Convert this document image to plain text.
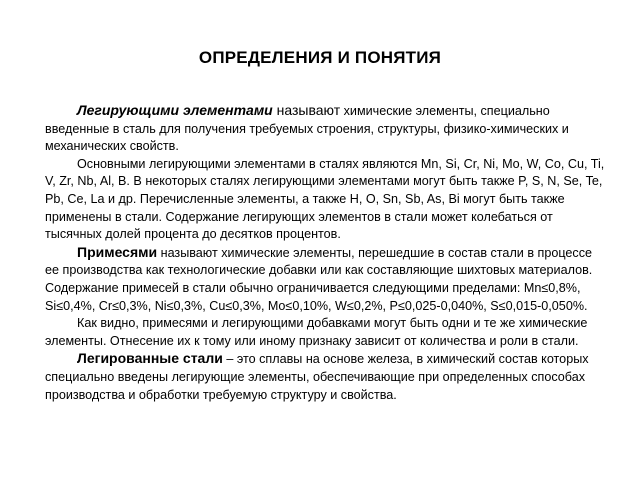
ОПРЕДЕЛЕНИЯ И ПОНЯТИЯ

Легирующими элементами называют химические элементы, специально введенные в сталь для получения требуемых строения, структуры, физико-химических и механических свойств.

Основными легирующими элементами в сталях являются Mn, Si, Cr, Ni, Mo, W, Co, Cu, Ti, V, Zr, Nb, Al, B. В некоторых сталях легирующими элементами могут быть также P, S, N, Se, Te, Pb, Ce, La и др. Перечисленные элементы, а также H, O, Sn, Sb, As, Bi могут быть также применены в стали. Содержание легирующих элементов в стали может колебаться от тысячных долей процента до десятков процентов.

Примесями называют химические элементы, перешедшие в состав стали в процессе ее производства как технологические добавки или как составляющие шихтовых материалов. Содержание примесей в стали обычно ограничивается следующими пределами: Mn≤0,8%, Si≤0,4%, Cr≤0,3%, Ni≤0,3%, Cu≤0,3%, Mo≤0,10%, W≤0,2%, P≤0,025-0,040%, S≤0,015-0,050%.

Как видно, примесями и легирующими добавками могут быть одни и те же химические элементы. Отнесение их к тому или иному признаку зависит от количества и роли в стали.

Легированные стали – это сплавы на основе железа, в химический состав которых специально введены легирующие элементы, обеспечивающие при определенных способах производства и обработки требуемую структуру и свойства.
